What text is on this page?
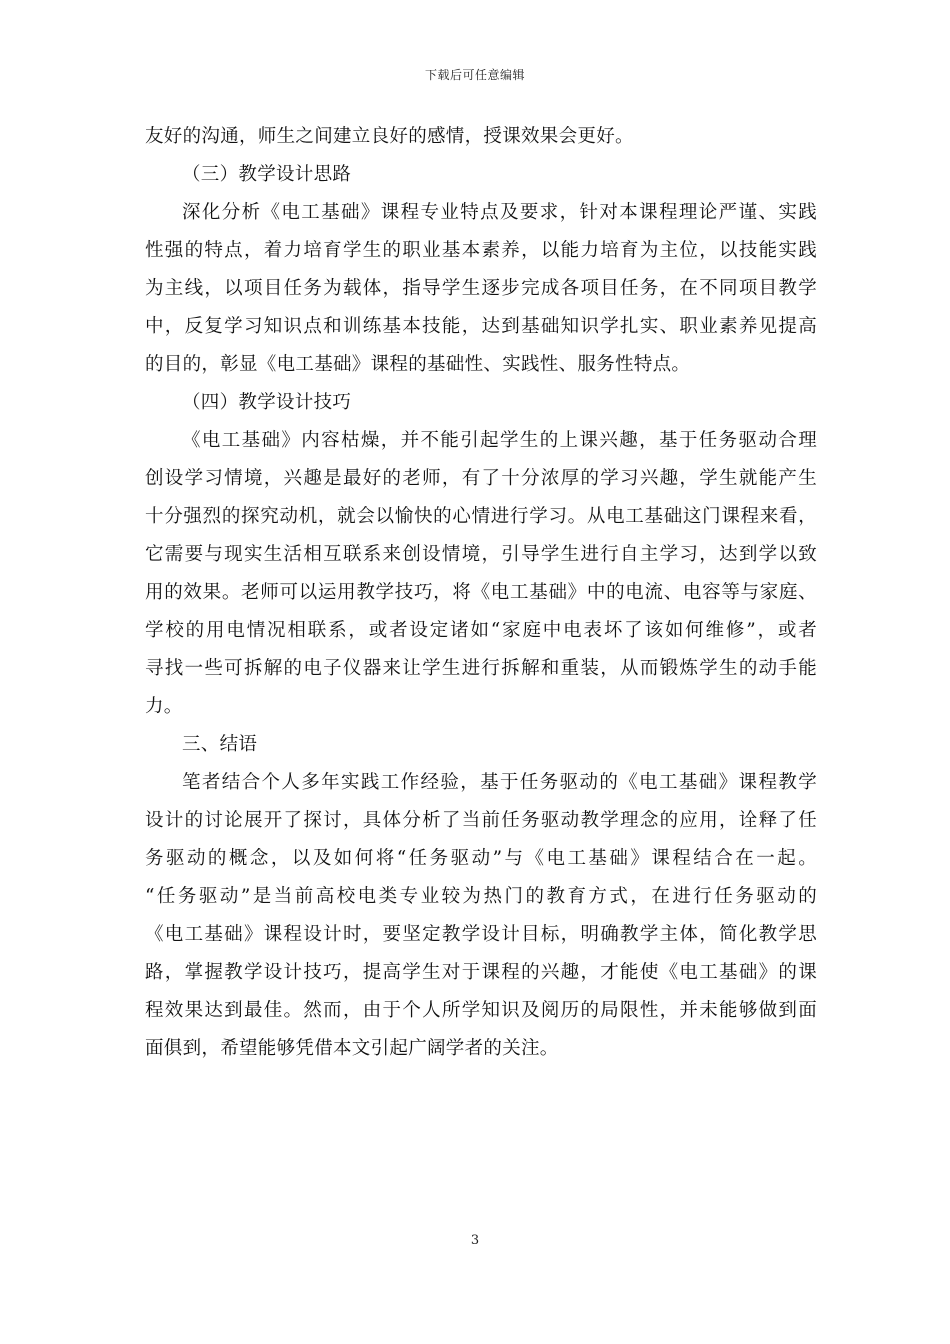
下载后可任意编辑
友好的沟通，师生之间建立良好的感情，授课效果会更好。
（三）教学设计思路
深化分析《电工基础》课程专业特点及要求，针对本课程理论严谨、实践
性强的特点，着力培育学生的职业基本素养，以能力培育为主位，以技能实践
为主线，以项目任务为载体，指导学生逐步完成各项目任务，在不同项目教学
中，反复学习知识点和训练基本技能，达到基础知识学扎实、职业素养见提高
的目的，彰显《电工基础》课程的基础性、实践性、服务性特点。
（四）教学设计技巧
《电工基础》内容枯燥，并不能引起学生的上课兴趣，基于任务驱动合理
创设学习情境，兴趣是最好的老师，有了十分浓厚的学习兴趣，学生就能产生
十分强烈的探究动机，就会以愉快的心情进行学习。从电工基础这门课程来看，
它需要与现实生活相互联系来创设情境，引导学生进行自主学习，达到学以致
用的效果。老师可以运用教学技巧，将《电工基础》中的电流、电容等与家庭、
学校的用电情况相联系，或者设定诸如“家庭中电表坏了该如何维修”，或者
寻找一些可拆解的电子仪器来让学生进行拆解和重装，从而锻炼学生的动手能
力。
三、结语
笔者结合个人多年实践工作经验，基于任务驱动的《电工基础》课程教学
设计的讨论展开了探讨，具体分析了当前任务驱动教学理念的应用，诠释了任
务驱动的概念，以及如何将“任务驱动”与《电工基础》课程结合在一起。
“任务驱动”是当前高校电类专业较为热门的教育方式，在进行任务驱动的
《电工基础》课程设计时，要坚定教学设计目标，明确教学主体，简化教学思
路，掌握教学设计技巧，提高学生对于课程的兴趣，才能使《电工基础》的课
程效果达到最佳。然而，由于个人所学知识及阅历的局限性，并未能够做到面
面俱到，希望能够凭借本文引起广阔学者的关注。
3
